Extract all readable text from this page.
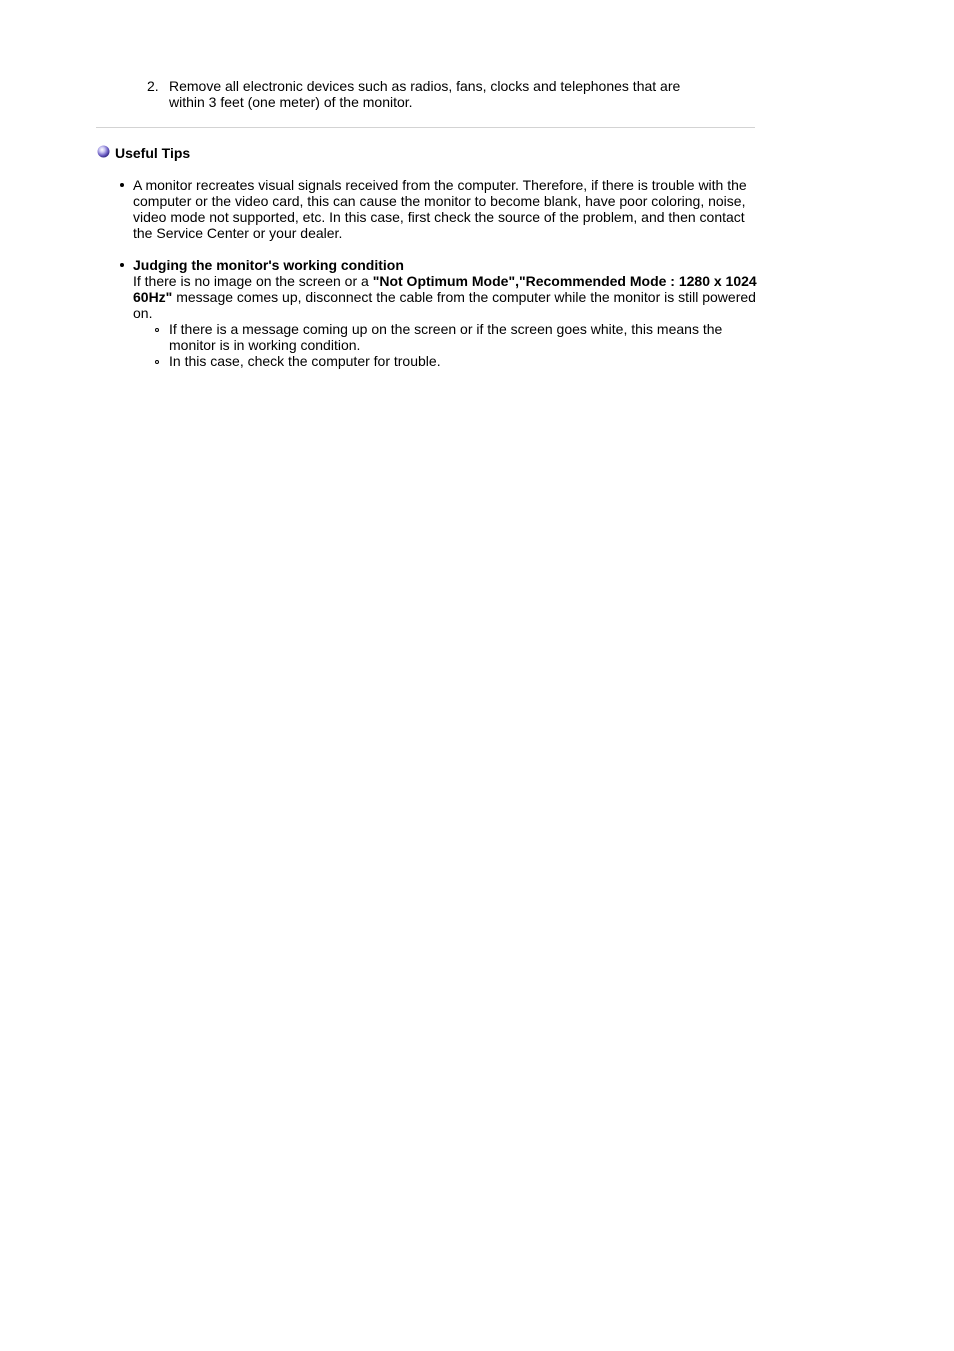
2. Remove all electronic devices such as radios, fans, clocks and telephones that are within 3 feet (one meter) of the monitor.
Useful Tips
A monitor recreates visual signals received from the computer. Therefore, if there is trouble with the computer or the video card, this can cause the monitor to become blank, have poor coloring, noise, video mode not supported, etc. In this case, first check the source of the problem, and then contact the Service Center or your dealer.
Judging the monitor's working condition
If there is no image on the screen or a "Not Optimum Mode","Recommended Mode : 1280 x 1024 60Hz" message comes up, disconnect the cable from the computer while the monitor is still powered on.
If there is a message coming up on the screen or if the screen goes white, this means the monitor is in working condition.
In this case, check the computer for trouble.
